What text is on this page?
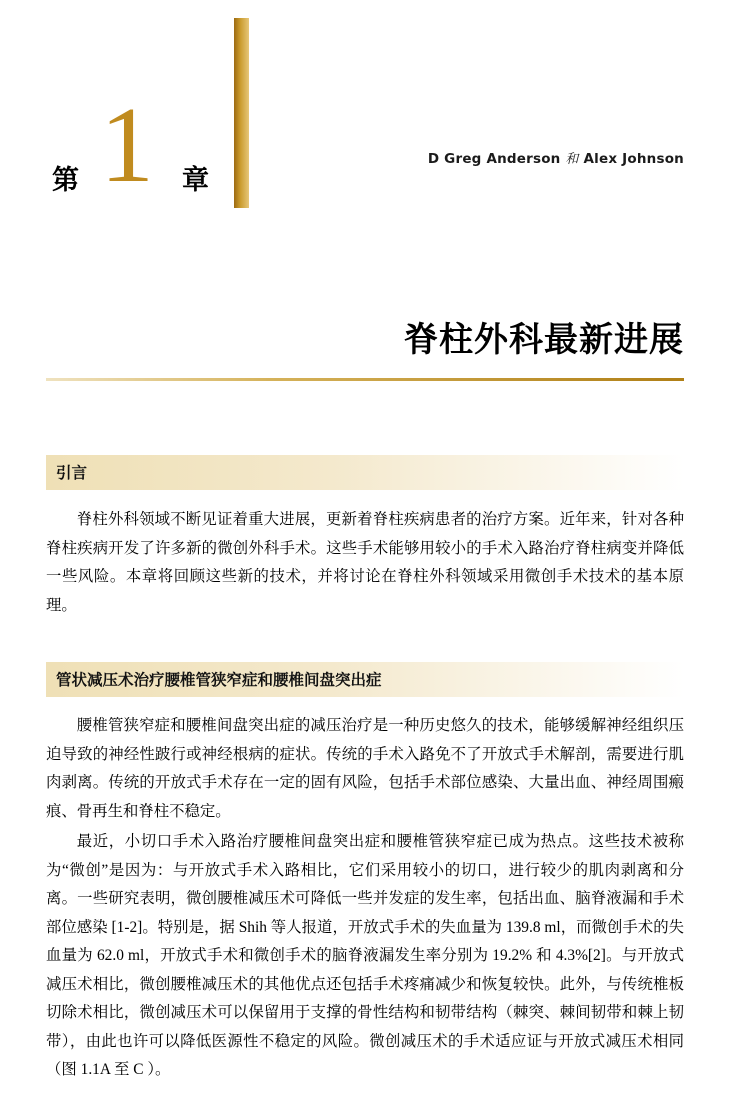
第 1 章
D Greg Anderson 和 Alex Johnson
脊柱外科最新进展
引言
脊柱外科领域不断见证着重大进展，更新着脊柱疾病患者的治疗方案。近年来，针对各种脊柱疾病开发了许多新的微创外科手术。这些手术能够用较小的手术入路治疗脊柱病变并降低一些风险。本章将回顾这些新的技术，并将讨论在脊柱外科领域采用微创手术技术的基本原理。
管状减压术治疗腰椎管狭窄症和腰椎间盘突出症
腰椎管狭窄症和腰椎间盘突出症的减压治疗是一种历史悠久的技术，能够缓解神经组织压迫导致的神经性跛行或神经根病的症状。传统的手术入路免不了开放式手术解剖，需要进行肌肉剥离。传统的开放式手术存在一定的固有风险，包括手术部位感染、大量出血、神经周围瘢痕、骨再生和脊柱不稳定。
最近，小切口手术入路治疗腰椎间盘突出症和腰椎管狭窄症已成为热点。这些技术被称为“微创”是因为：与开放式手术入路相比，它们采用较小的切口，进行较少的肌肉剥离和分离。一些研究表明，微创腰椎减压术可降低一些并发症的发生率，包括出血、脑脊液漏和手术部位感染 [1-2]。特别是，据 Shih 等人报道，开放式手术的失血量为 139.8 ml，而微创手术的失血量为 62.0 ml，开放式手术和微创手术的脑脊液漏发生率分别为 19.2% 和 4.3%[2]。与开放式减压术相比，微创腰椎减压术的其他优点还包括手术疼痛减少和恢复较快。此外，与传统椎板切除术相比，微创减压术可以保留用于支撑的骨性结构和韧带结构（棘突、棘间韧带和棘上韧带），由此也许可以降低医源性不稳定的风险。微创减压术的手术适应证与开放式减压术相同（图 1.1A 至 C ）。
